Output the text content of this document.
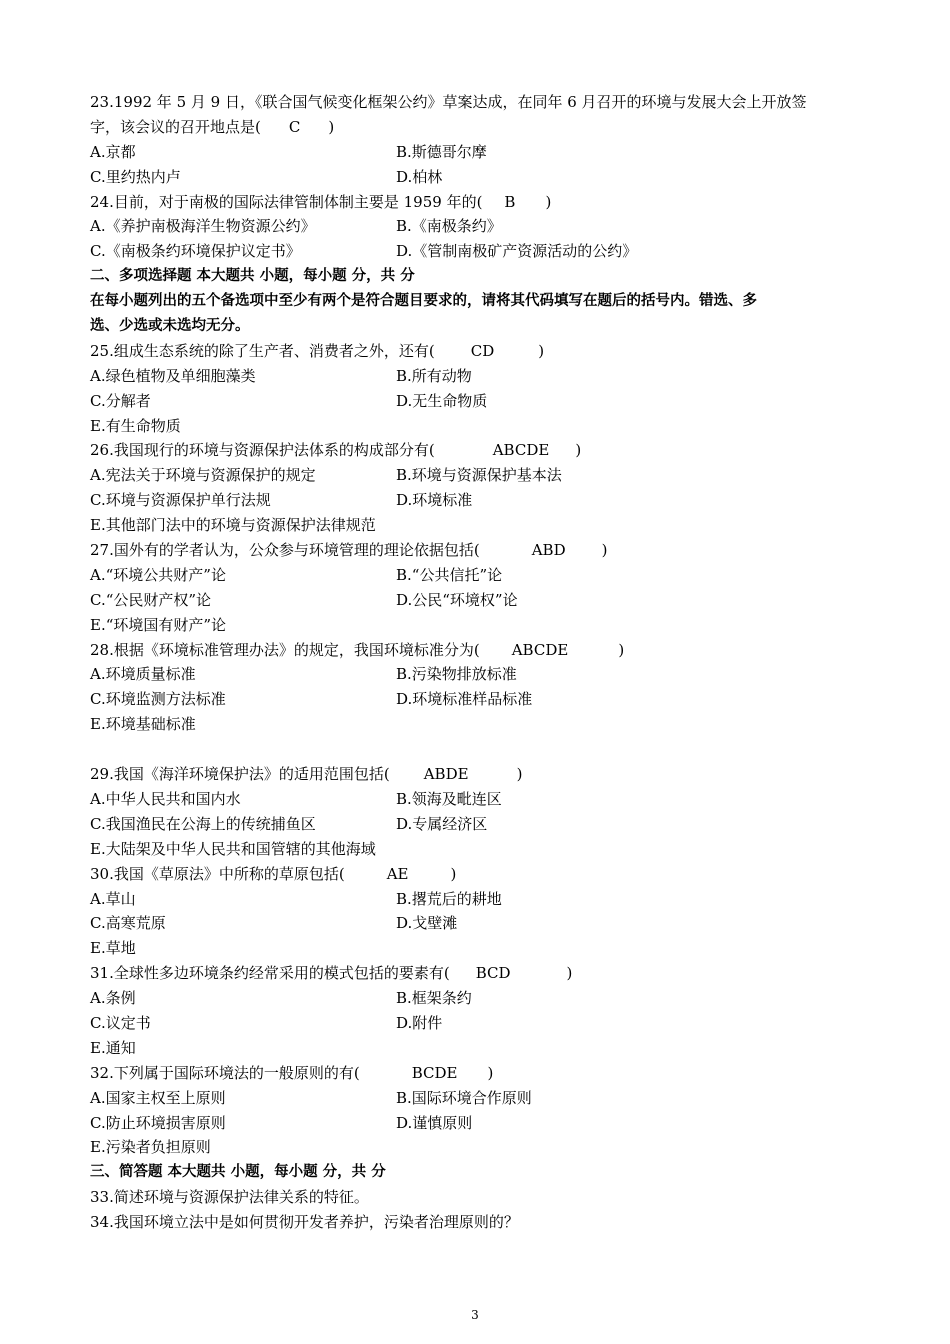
23.1992 年 5 月 9 日，《联合国气候变化框架公约》草案达成，在同年 6 月召开的环境与发展大会上开放签
字，该会议的召开地点是( C )
A.京都	B.斯德哥尔摩
C.里约热内卢	D.柏林
24.目前，对于南极的国际法律管制体制主要是 1959 年的( B )
A.《养护南极海洋生物资源公约》	B.《南极条约》
C.《南极条约环境保护议定书》	D.《管制南极矿产资源活动的公约》
二、多项选择题 本大题共 小题，每小题 分，共 分
在每小题列出的五个备选项中至少有两个是符合题目要求的，请将其代码填写在题后的括号内。错选、多
选、少选或未选均无分。
25.组成生态系统的除了生产者、消费者之外，还有( CD	)
A.绿色植物及单细胞藻类	B.所有动物
C.分解者	D.无生命物质
E.有生命物质
26.我国现行的环境与资源保护法体系的构成部分有(	ABCDE )
A.宪法关于环境与资源保护的规定	B.环境与资源保护基本法
C.环境与资源保护单行法规	D.环境标准
E.其他部门法中的环境与资源保护法律规范
27.国外有的学者认为，公众参与环境管理的理论依据包括(	ABD )
A.“环境公共财产”论	B.“公共信托”论
C.“公民财产权”论	D.公民“环境权”论
E.“环境国有财产”论
28.根据《环境标准管理办法》的规定，我国环境标准分为( ABCDE	)
A.环境质量标准	B.污染物排放标准
C.环境监测方法标准	D.环境标准样品标准
E.环境基础标准
29.我国《海洋环境保护法》的适用范围包括( ABDE	)
A.中华人民共和国内水	B.领海及毗连区
C.我国渔民在公海上的传统捕鱼区	D.专属经济区
E.大陆架及中华人民共和国管辖的其他海域
30.我国《草原法》中所称的草原包括(	AE	)
A.草山	B.撂荒后的耕地
C.高寒荒原	D.戈壁滩
E.草地
31.全球性多边环境条约经常采用的模式包括的要素有( BCD	)
A.条例	B.框架条约
C.议定书	D.附件
E.通知
32.下列属于国际环境法的一般原则的有(	BCDE )
A.国家主权至上原则	B.国际环境合作原则
C.防止环境损害原则	D.谨慎原则
E.污染者负担原则
三、简答题 本大题共 小题，每小题 分，共 分
33.简述环境与资源保护法律关系的特征。
34.我国环境立法中是如何贯彻开发者养护，污染者治理原则的？
3
